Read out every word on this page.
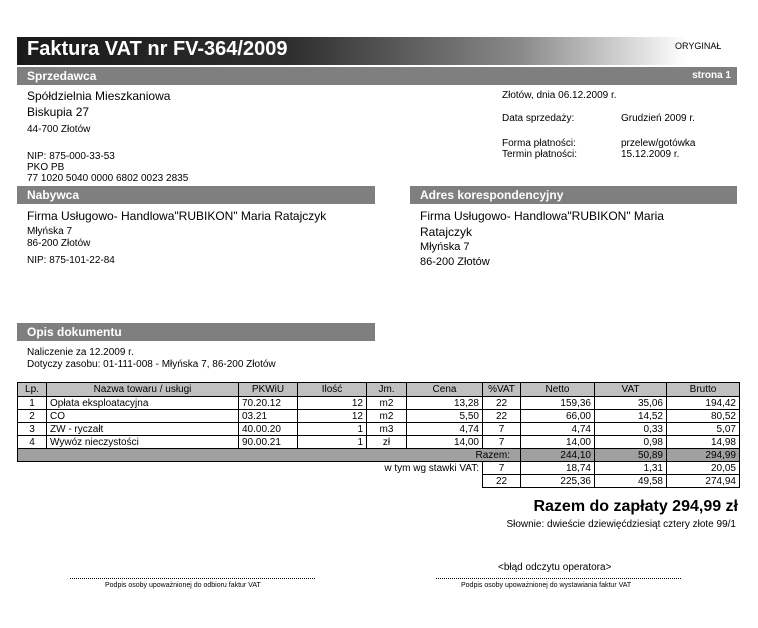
Faktura VAT nr FV-364/2009	ORYGINAŁ
Sprzedawca	strona 1
Spółdzielnia Mieszkaniowa
Biskupia 27
44-700 Złotów
NIP: 875-000-33-53
PKO PB
77 1020 5040 0000 6802 0023 2835
Złotów, dnia 06.12.2009 r.
Data sprzedaży:	Grudzień 2009 r.
Forma płatności:	przelew/gotówka
Termin płatności:	15.12.2009 r.
Nabywca
Firma Usługowo- Handlowa"RUBIKON" Maria Ratajczyk
Młyńska 7
86-200 Złotów
NIP: 875-101-22-84
Adres korespondencyjny
Firma Usługowo- Handlowa"RUBIKON" Maria
Ratajczyk
Młyńska 7
86-200 Złotów
Opis dokumentu
Naliczenie za 12.2009 r.
Dotyczy zasobu: 01-111-008 - Młyńska 7, 86-200 Złotów
Lp.	Nazwa towaru / usługi	PKWiU	Ilość	Jm.	Cena	%VAT	Netto	VAT	Brutto
1	Opłata eksploatacyjna	70.20.12	12	m2	13,28	22	159,36	35,06	194,42
2	CO	03.21	12	m2	5,50	22	66,00	14,52	80,52
3	ZW - ryczałt	40.00.20	1	m3	4,74	7	4,74	0,33	5,07
4	Wywóz nieczystości	90.00.21	1	zł	14,00	7	14,00	0,98	14,98
Razem:							244,10	50,89	294,99
w tym wg stawki VAT:						7	18,74	1,31	20,05
						22	225,36	49,58	274,94
Razem do zapłaty 294,99 zł
Słownie: dwieście dziewięćdziesiąt cztery złote 99/1
<błąd odczytu operatora>
Podpis osoby upoważnionej do odbioru faktur VAT	Podpis osoby upoważnionej do wystawiania faktur VAT
